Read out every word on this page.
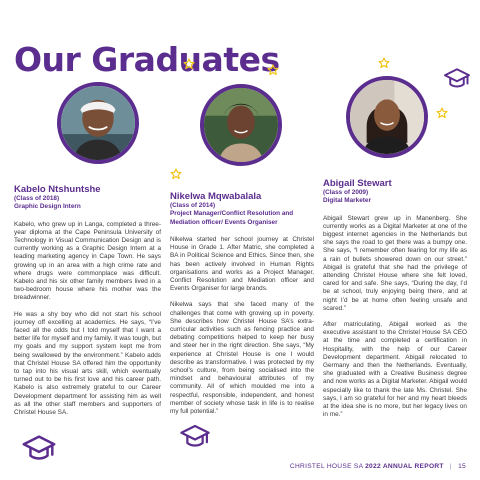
Our Graduates
Kabelo Ntshuntshe
(Class of 2018)
Graphic Design Intern

Kabelo, who grew up in Langa, completed a three-year diploma at the Cape Peninsula University of Technology in Visual Communication Design and is currently working as a Graphic Design Intern at a leading marketing agency in Cape Town. He says growing up in an area with a high crime rate and where drugs were commonplace was difficult. Kabelo and his six other family members lived in a two-bedroom house where his mother was the breadwinner.

He was a shy boy who did not start his school journey off excelling at academics. He says, “I’ve faced all the odds but I told myself that I want a better life for myself and my family. It was tough, but my goals and my support system kept me from being swallowed by the environment.” Kabelo adds that Christel House SA offered him the opportunity to tap into his visual arts skill, which eventually turned out to be his first love and his career path. Kabelo is also extremely grateful to our Career Development department for assisting him as well as all the other staff members and supporters of Christel House SA.

Nikelwa Mqwabalala
(Class of 2014)
Project Manager/Conflict Resolution and Mediation officer/ Events Organiser

Nikelwa started her school journey at Christel House in Grade 1. After Matric, she completed a BA in Political Science and Ethics. Since then, she has been actively involved in Human Rights organisations and works as a Project Manager, Conflict Resolution and Mediation officer and Events Organiser for large brands.

Nikelwa says that she faced many of the challenges that come with growing up in poverty. She describes how Christel House SA’s extra-curricular activities such as fencing practice and debating competitions helped to keep her busy and steer her in the right direction. She says, “My experience at Christel House is one I would describe as transformative. I was protected by my school’s culture, from being socialised into the mindset and behavioural attributes of my community. All of which moulded me into a respectful, responsible, independent, and honest member of society whose task in life is to realise my full potential.”

Abigail Stewart
(Class of 2009)
Digital Marketer

Abigail Stewart grew up in Manenberg. She currently works as a Digital Marketer at one of the biggest internet agencies in the Netherlands but she says the road to get there was a bumpy one. She says, “I remember often fearing for my life as a rain of bullets showered down on our street.” Abigail is grateful that she had the privilege of attending Christel House where she felt loved, cared for and safe. She says, “During the day, I’d be at school, truly enjoying being there, and at night I’d be at home often feeling unsafe and scared.”

After matriculating, Abigail worked as the executive assistant to the Christel House SA CEO at the time and completed a certification in Hospitality, with the help of our Career Development department. Abigail relocated to Germany and then the Netherlands. Eventually, she graduated with a Creative Business degree and now works as a Digital Marketer. Abigail would especially like to thank the late Ms. Christel. She says, I am so grateful for her and my heart bleeds at the idea she is no more, but her legacy lives on in me.”

CHRISTEL HOUSE SA 2022 ANNUAL REPORT | 15
